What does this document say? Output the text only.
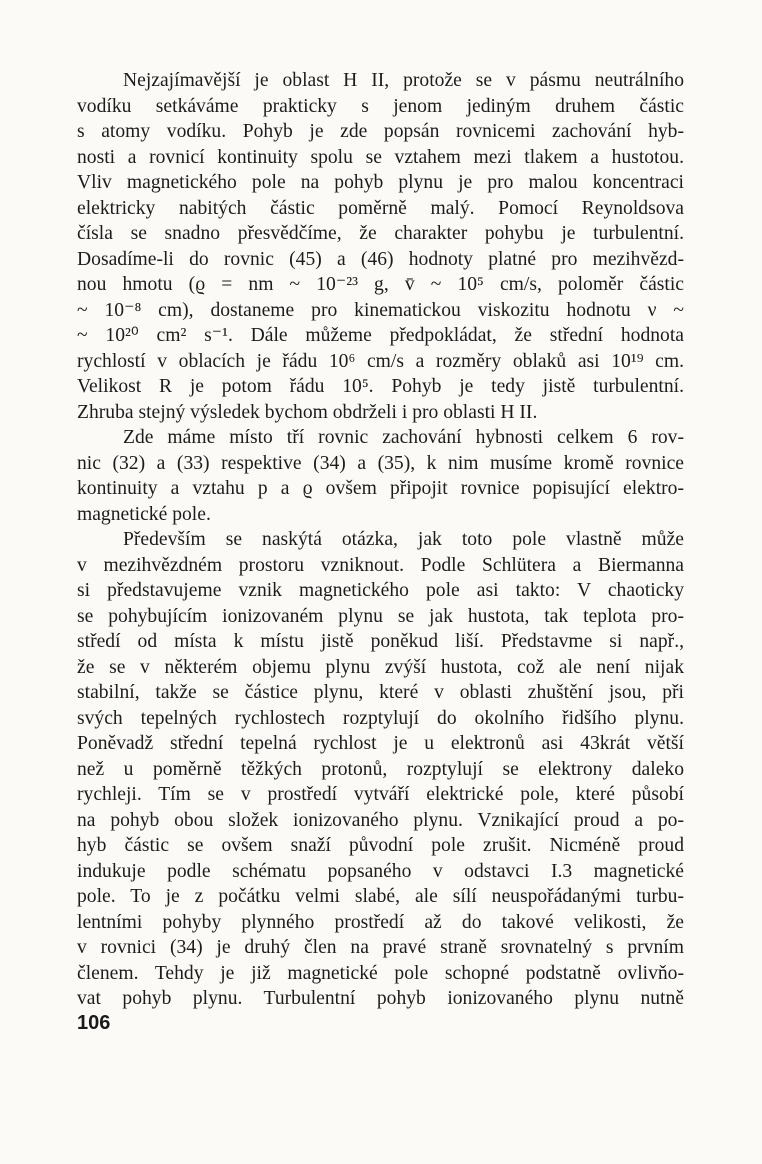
Nejzajímavější je oblast H II, protože se v pásmu neutrálního
vodíku setkáváme prakticky s jenom jediným druhem částic
s atomy vodíku. Pohyb je zde popsán rovnicemi zachování hyb-
nosti a rovnicí kontinuity spolu se vztahem mezi tlakem a hustotou.
Vliv magnetického pole na pohyb plynu je pro malou koncentraci
elektricky nabitých částic poměrně malý. Pomocí Reynoldsova
čísla se snadno přesvědčíme, že charakter pohybu je turbulentní.
Dosadíme-li do rovnic (45) a (46) hodnoty platné pro mezihvězd-
nou hmotu (ϱ = nm ~ 10⁻²³ g, v̄ ~ 10⁵ cm/s, poloměr částic
~ 10⁻⁸ cm), dostaneme pro kinematickou viskozitu hodnotu ν ~
~ 10²⁰ cm² s⁻¹. Dále můžeme předpokládat, že střední hodnota
rychlostí v oblacích je řádu 10⁶ cm/s a rozměry oblaků asi 10¹⁹ cm.
Velikost R je potom řádu 10⁵. Pohyb je tedy jistě turbulentní.
Zhruba stejný výsledek bychom obdrželi i pro oblasti H II.
Zde máme místo tří rovnic zachování hybnosti celkem 6 rov-
nic (32) a (33) respektive (34) a (35), k nim musíme kromě rovnice
kontinuity a vztahu p a ϱ ovšem připojit rovnice popisující elektro-
magnetické pole.
Především se naskýtá otázka, jak toto pole vlastně může
v mezihvězdném prostoru vzniknout. Podle Schlütera a Biermanna
si představujeme vznik magnetického pole asi takto: V chaoticky
se pohybujícím ionizovaném plynu se jak hustota, tak teplota pro-
středí od místa k místu jistě poněkud liší. Představme si např.,
že se v některém objemu plynu zvýší hustota, což ale není nijak
stabilní, takže se částice plynu, které v oblasti zhuštění jsou, při
svých tepelných rychlostech rozptylují do okolního řidšího plynu.
Poněvadž střední tepelná rychlost je u elektronů asi 43krát větší
než u poměrně těžkých protonů, rozptylují se elektrony daleko
rychleji. Tím se v prostředí vytváří elektrické pole, které působí
na pohyb obou složek ionizovaného plynu. Vznikající proud a po-
hyb částic se ovšem snaží původní pole zrušit. Nicméně proud
indukuje podle schématu popsaného v odstavci I.3 magnetické
pole. To je z počátku velmi slabé, ale sílí neuspořádanými turbu-
lentními pohyby plynného prostředí až do takové velikosti, že
v rovnici (34) je druhý člen na pravé straně srovnatelný s prvním
členem. Tehdy je již magnetické pole schopné podstatně ovlivňo-
vat pohyb plynu. Turbulentní pohyb ionizovaného plynu nutně
106
